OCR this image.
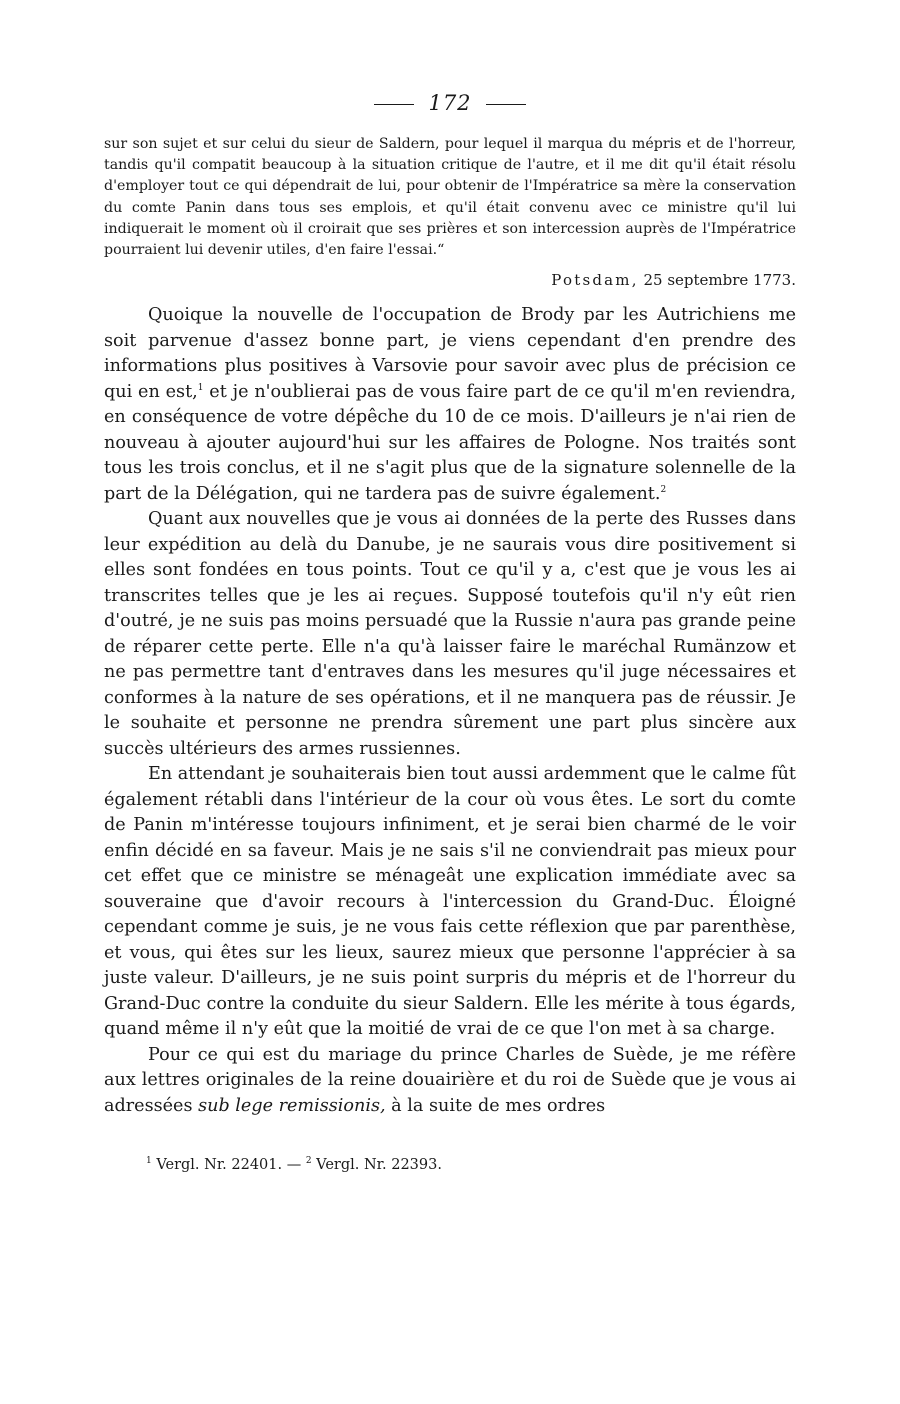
172

sur son sujet et sur celui du sieur de Saldern, pour lequel il marqua du mépris et de l'horreur, tandis qu'il compatit beaucoup à la situation critique de l'autre, et il me dit qu'il était résolu d'employer tout ce qui dépendrait de lui, pour obtenir de l'Impératrice sa mère la conservation du comte Panin dans tous ses emplois, et qu'il était convenu avec ce ministre qu'il lui indiquerait le moment où il croirait que ses prières et son intercession auprès de l'Impératrice pourraient lui devenir utiles, d'en faire l'essai.“

Potsdam, 25 septembre 1773.

Quoique la nouvelle de l'occupation de Brody par les Autrichiens me soit parvenue d'assez bonne part, je viens cependant d'en prendre des informations plus positives à Varsovie pour savoir avec plus de précision ce qui en est,$^1$ et je n'oublierai pas de vous faire part de ce qu'il m'en reviendra, en conséquence de votre dépêche du 10 de ce mois. D'ailleurs je n'ai rien de nouveau à ajouter aujourd'hui sur les affaires de Pologne. Nos traités sont tous les trois conclus, et il ne s'agit plus que de la signature solennelle de la part de la Délégation, qui ne tardera pas de suivre également.$^2$

Quant aux nouvelles que je vous ai données de la perte des Russes dans leur expédition au delà du Danube, je ne saurais vous dire positivement si elles sont fondées en tous points. Tout ce qu'il y a, c'est que je vous les ai transcrites telles que je les ai reçues. Supposé toutefois qu'il n'y eût rien d'outré, je ne suis pas moins persuadé que la Russie n'aura pas grande peine de réparer cette perte. Elle n'a qu'à laisser faire le maréchal Rumänzow et ne pas permettre tant d'entraves dans les mesures qu'il juge nécessaires et conformes à la nature de ses opérations, et il ne manquera pas de réussir. Je le souhaite et personne ne prendra sûrement une part plus sincère aux succès ultérieurs des armes russiennes.

En attendant je souhaiterais bien tout aussi ardemment que le calme fût également rétabli dans l'intérieur de la cour où vous êtes. Le sort du comte de Panin m'intéresse toujours infiniment, et je serai bien charmé de le voir enfin décidé en sa faveur. Mais je ne sais s'il ne conviendrait pas mieux pour cet effet que ce ministre se ménageât une explication immédiate avec sa souveraine que d'avoir recours à l'intercession du Grand-Duc. Éloigné cependant comme je suis, je ne vous fais cette réflexion que par parenthèse, et vous, qui êtes sur les lieux, saurez mieux que personne l'apprécier à sa juste valeur. D'ailleurs, je ne suis point surpris du mépris et de l'horreur du Grand-Duc contre la conduite du sieur Saldern. Elle les mérite à tous égards, quand même il n'y eût que la moitié de vrai de ce que l'on met à sa charge.

Pour ce qui est du mariage du prince Charles de Suède, je me réfère aux lettres originales de la reine douairière et du roi de Suède que je vous ai adressées sub lege remissionis, à la suite de mes ordres

$^1$ Vergl. Nr. 22401. — $^2$ Vergl. Nr. 22393.
